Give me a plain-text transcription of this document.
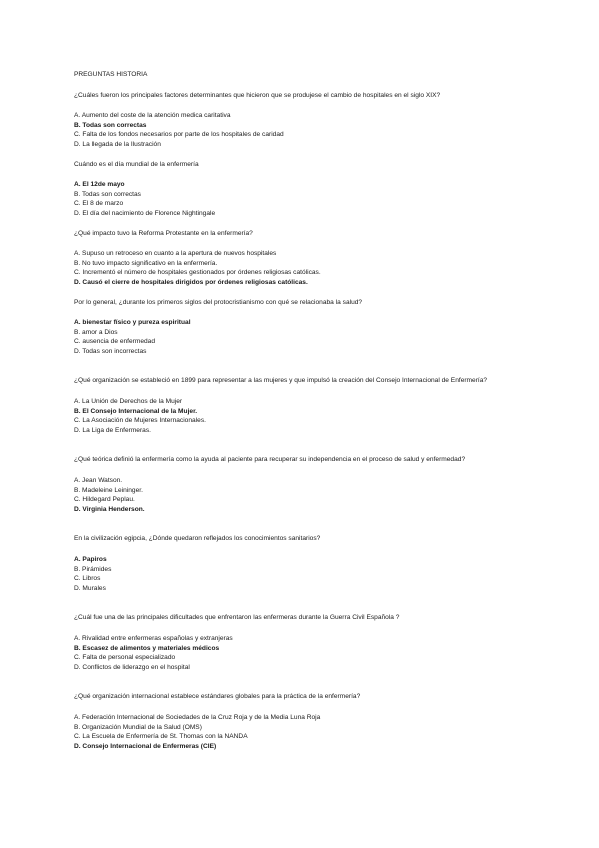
PREGUNTAS HISTORIA
¿Cuáles fueron los principales factores determinantes que hicieron que se produjese el cambio de hospitales en el siglo XIX?
A. Aumento del coste de la atención medica caritativa
B. Todas son correctas
C. Falta de los fondos necesarios por parte de los hospitales de caridad
D. La llegada de la Ilustración
Cuándo es el día mundial de la enfermería
A. El 12de mayo
B. Todas son correctas
C. El 8 de marzo
D. El día del nacimiento de Florence Nightingale
¿Qué impacto tuvo la Reforma Protestante en la enfermería?
A. Supuso un retroceso en cuanto a la apertura de nuevos hospitales
B. No tuvo impacto significativo en la enfermería.
C. Incrementó el número de hospitales gestionados por órdenes religiosas católicas.
D. Causó el cierre de hospitales dirigidos por órdenes religiosas católicas.
Por lo general, ¿durante los primeros siglos del protocristianismo con qué se relacionaba la salud?
A. bienestar físico y pureza espiritual
B. amor a Dios
C. ausencia de enfermedad
D. Todas son incorrectas
¿Qué organización se estableció en 1899 para representar a las mujeres y que impulsó la creación del Consejo Internacional de Enfermería?
A. La Unión de Derechos de la Mujer
B. El Consejo Internacional de la Mujer.
C. La Asociación de Mujeres Internacionales.
D. La Liga de Enfermeras.
¿Qué teórica definió la enfermería como la ayuda al paciente para recuperar su independencia en el proceso de salud y enfermedad?
A. Jean Watson.
B. Madeleine Leininger.
C. Hildegard Peplau.
D. Virginia Henderson.
En la civilización egipcia, ¿Dónde quedaron reflejados los conocimientos sanitarios?
A. Papiros
B. Pirámides
C. Libros
D. Murales
¿Cuál fue una de las principales dificultades que enfrentaron las enfermeras durante la Guerra Civil Española ?
A. Rivalidad entre enfermeras españolas y extranjeras
B. Escasez de alimentos y materiales médicos
C. Falta de personal especializado
D. Conflictos de liderazgo en el hospital
¿Qué organización internacional establece estándares globales para la práctica de la enfermería?
A. Federación Internacional de Sociedades de la Cruz Roja y de la Media Luna Roja
B. Organización Mundial de la Salud (OMS)
C. La Escuela de Enfermería de St. Thomas con la NANDA
D. Consejo Internacional de Enfermeras (CIE)
